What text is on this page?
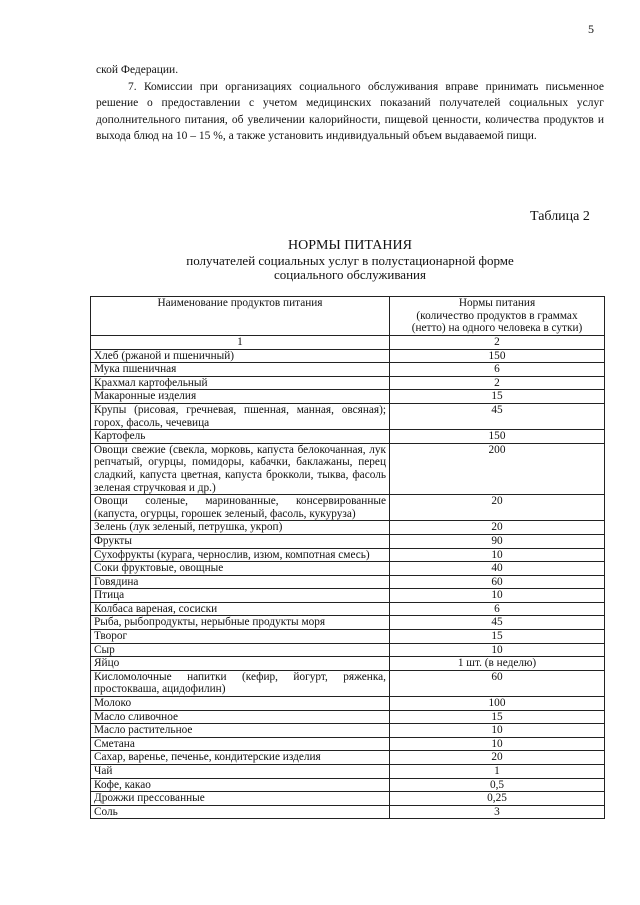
5

ской Федерации.

7. Комиссии при организациях социального обслуживания вправе принимать письменное решение о предоставлении с учетом медицинских показаний получателей социальных услуг дополнительного питания, об увеличении калорийности, пищевой ценности, количества продуктов и выхода блюд на 10 – 15 %, а также установить индивидуальный объем выдаваемой пищи.

Таблица 2
НОРМЫ ПИТАНИЯ
получателей социальных услуг в полустационарной форме
социального обслуживания
Наименование продуктов питания	Нормы питания
(количество продуктов в граммах
(нетто) на одного человека в сутки)

1	2
Хлеб (ржаной и пшеничный)	150
Мука пшеничная	6
Крахмал картофельный	2
Макаронные изделия	15
Крупы (рисовая, гречневая, пшенная, манная, овсяная); горох, фасоль, чечевица	45
Картофель	150
Овощи свежие (свекла, морковь, капуста белокочанная, лук репчатый, огурцы, помидоры, кабачки, баклажаны, перец сладкий, капуста цветная, капуста брокколи, тыква, фасоль зеленая стручковая и др.)	200
Овощи соленые, маринованные, консервированные (капуста, огурцы, горошек зеленый, фасоль, кукуруза)	20
Зелень (лук зеленый, петрушка, укроп)	20
Фрукты	90
Сухофрукты (курага, чернослив, изюм, компотная смесь)	10
Соки фруктовые, овощные	40
Говядина	60
Птица	10
Колбаса вареная, сосиски	6
Рыба, рыбопродукты, нерыбные продукты моря	45
Творог	15
Сыр	10
Яйцо	1 шт. (в неделю)
Кисломолочные напитки (кефир, йогурт, ряженка, простокваша, ацидофилин)	60
Молоко	100
Масло сливочное	15
Масло растительное	10
Сметана	10
Сахар, варенье, печенье, кондитерские изделия	20
Чай	1
Кофе, какао	0,5
Дрожжи прессованные	0,25
Соль	3
